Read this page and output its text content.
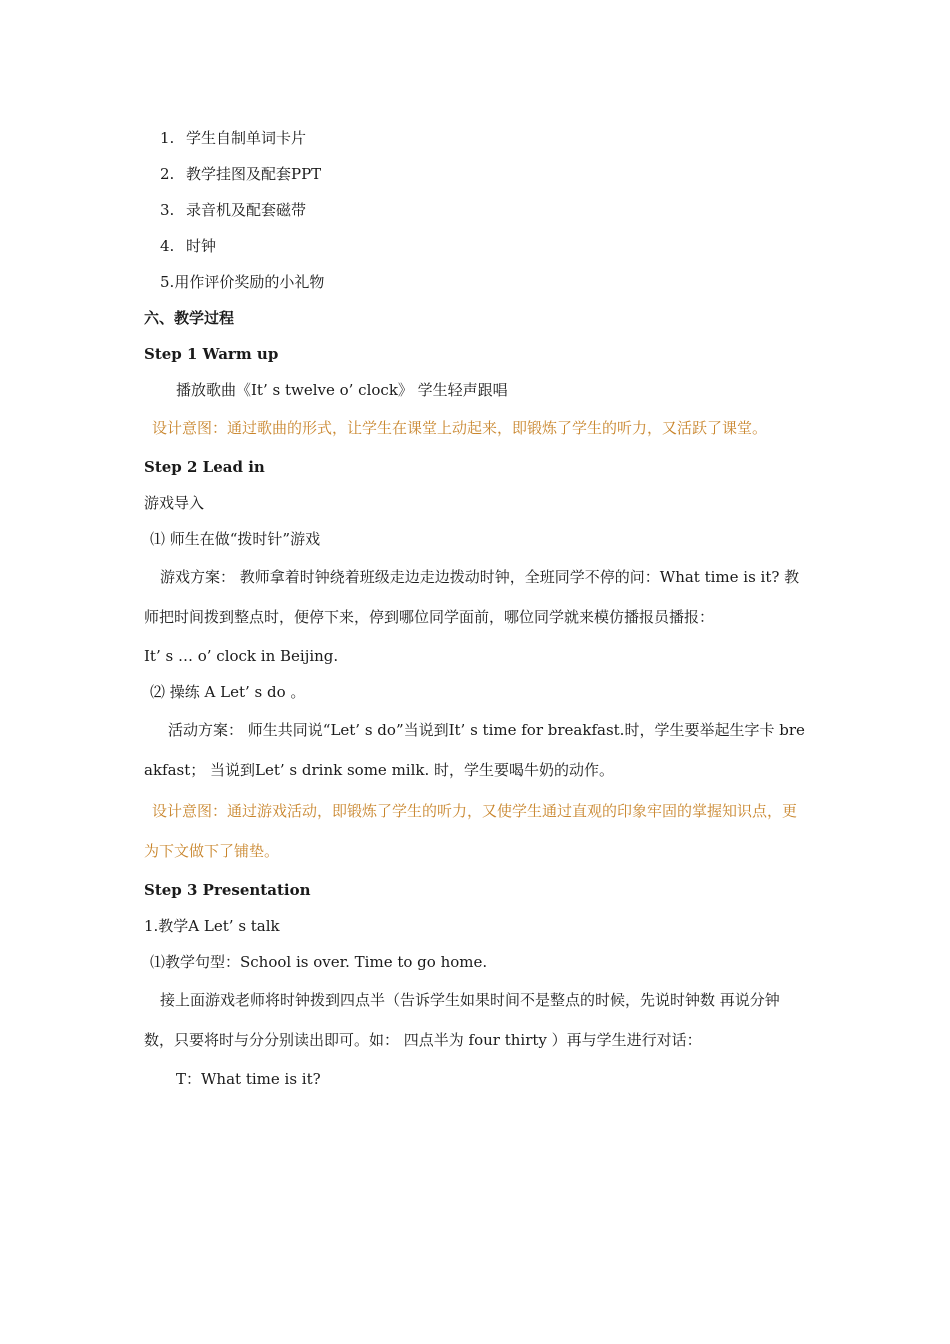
1. 学生自制单词卡片
2. 教学挂图及配套PPT
3. 录音机及配套磁带
4. 时钟
5.用作评价奖励的小礼物
六、教学过程
Step 1 Warm up
播放歌曲《It’ s twelve o’ clock》 学生轻声跟唱
设计意图：通过歌曲的形式，让学生在课堂上动起来，即锻炼了学生的听力，又活跃了课堂。
Step 2 Lead in
游戏导入
⑴ 师生在做“拨时针”游戏
游戏方案： 教师拿着时钟绕着班级走边走边拨动时钟，全班同学不停的问：What time is it? 教师把时间拨到整点时，便停下来，停到哪位同学面前，哪位同学就来模仿播报员播报：
It’ s … o’ clock in Beijing.
⑵ 操练 A Let’ s do 。
活动方案： 师生共同说“Let’ s do”当说到It’ s time for breakfast.时，学生要举起生字卡 breakfast； 当说到Let’ s drink some milk. 时，学生要喝牛奶的动作。
设计意图：通过游戏活动，即锻炼了学生的听力，又使学生通过直观的印象牢固的掌握知识点，更为下文做下了铺垫。
Step 3 Presentation
1.教学A Let’ s talk
⑴教学句型：School is over. Time to go home.
接上面游戏老师将时钟拨到四点半（告诉学生如果时间不是整点的时候，先说时钟数 再说分钟数，只要将时与分分别读出即可。如： 四点半为 four thirty ）再与学生进行对话：
T：What time is it?
